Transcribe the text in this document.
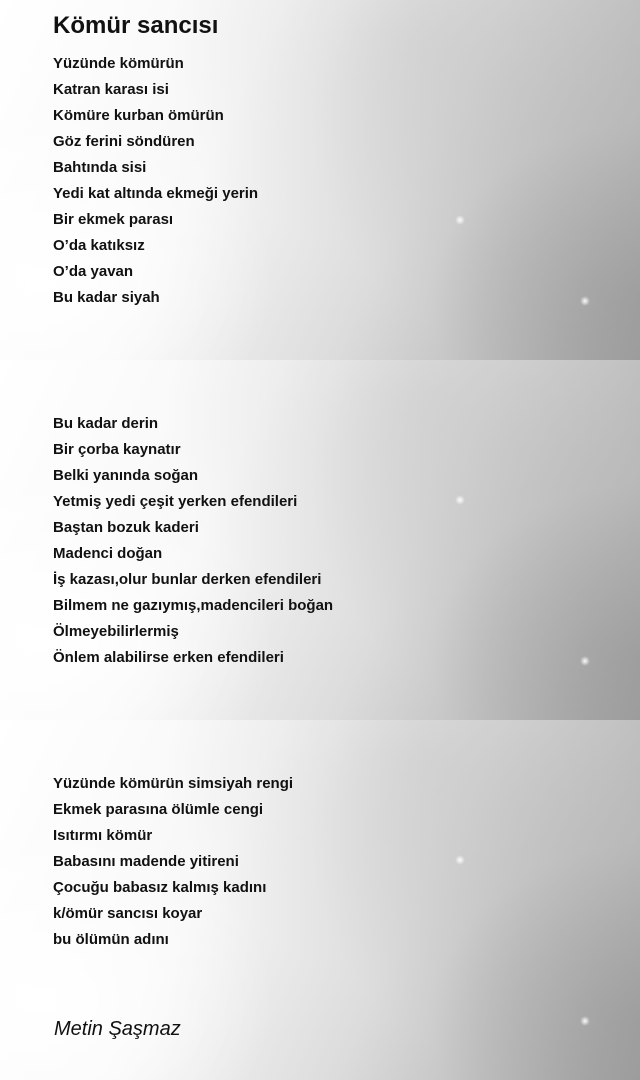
Kömür sancısı
Yüzünde kömürün
Katran karası isi
Kömüre kurban ömürün
Göz ferini söndüren
Bahtında sisi
Yedi kat altında ekmeği yerin
Bir ekmek parası
O’da katıksız
O’da yavan
Bu kadar siyah
Bu kadar derin
Bir çorba kaynatır
Belki yanında soğan
Yetmiş yedi çeşit yerken efendileri
Baştan bozuk kaderi
Madenci doğan
İş kazası,olur bunlar derken efendileri
Bilmem ne gazıymış,madencileri boğan
Ölmeyebilirlermiş
Önlem alabilirse erken efendileri
Yüzünde kömürün simsiyah rengi
Ekmek parasına ölümle cengi
Isıtırmı kömür
Babasını madende yitireni
Çocuğu babasız kalmış kadını
k/ömür sancısı koyar
bu ölümün adını
Metin Şaşmaz
